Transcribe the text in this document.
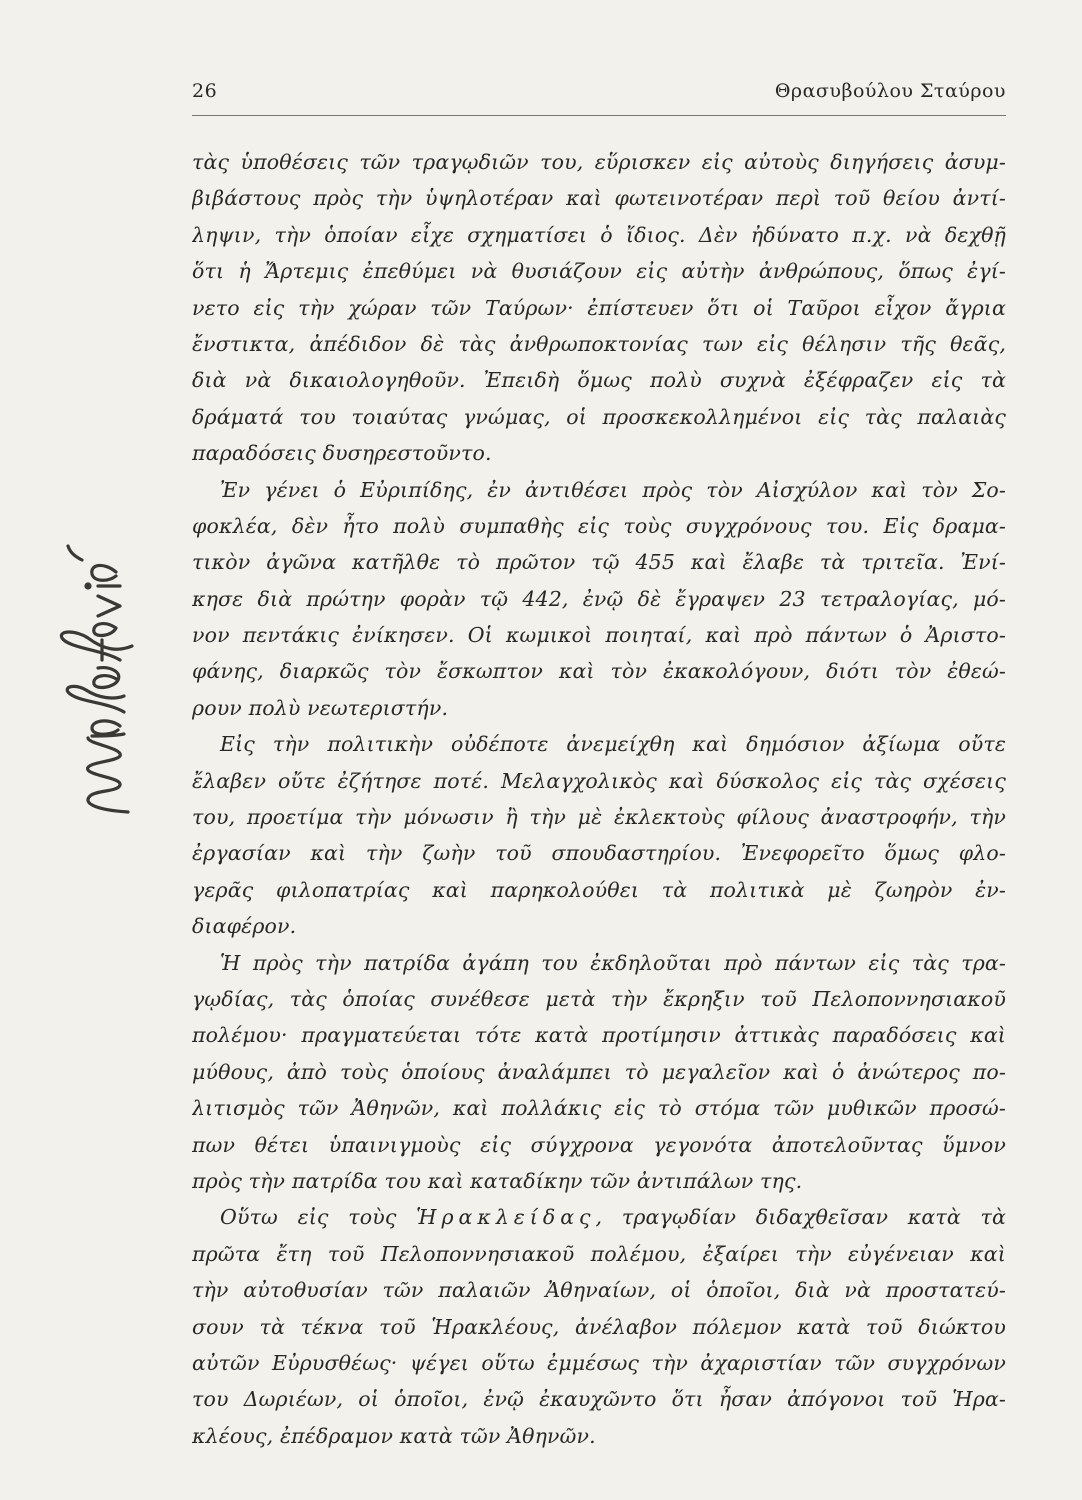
26	Θρασυβούλου Σταύρου
τὰς ὑποθέσεις τῶν τραγῳδιῶν του, εὕρισκεν εἰς αὐτοὺς διηγήσεις ἀσυμ-
βιβάστους πρὸς τὴν ὑψηλοτέραν καὶ φωτεινοτέραν περὶ τοῦ θείου ἀντί-
ληψιν, τὴν ὁποίαν εἶχε σχηματίσει ὁ ἴδιος. Δὲν ἠδύνατο π.χ. νὰ δεχθῇ
ὅτι ἡ Ἄρτεμις ἐπεθύμει νὰ θυσιάζουν εἰς αὐτὴν ἀνθρώπους, ὅπως ἐγί-
νετο εἰς τὴν χώραν τῶν Ταύρων· ἐπίστευεν ὅτι οἱ Ταῦροι εἶχον ἄγρια
ἔνστικτα, ἀπέδιδον δὲ τὰς ἀνθρωποκτονίας των εἰς θέλησιν τῆς θεᾶς,
διὰ νὰ δικαιολογηθοῦν. Ἐπειδὴ ὅμως πολὺ συχνὰ ἐξέφραζεν εἰς τὰ
δράματά του τοιαύτας γνώμας, οἱ προσκεκολλημένοι εἰς τὰς παλαιὰς
παραδόσεις δυσηρεστοῦντο.
Ἐν γένει ὁ Εὐριπίδης, ἐν ἀντιθέσει πρὸς τὸν Αἰσχύλον καὶ τὸν Σο-
φοκλέα, δὲν ἦτο πολὺ συμπαθὴς εἰς τοὺς συγχρόνους του. Εἰς δραμα-
τικὸν ἀγῶνα κατῆλθε τὸ πρῶτον τῷ 455 καὶ ἔλαβε τὰ τριτεῖα. Ἐνί-
κησε διὰ πρώτην φορὰν τῷ 442, ἐνῷ δὲ ἔγραψεν 23 τετραλογίας, μό-
νον πεντάκις ἐνίκησεν. Οἱ κωμικοὶ ποιηταί, καὶ πρὸ πάντων ὁ Ἀριστο-
φάνης, διαρκῶς τὸν ἔσκωπτον καὶ τὸν ἐκακολόγουν, διότι τὸν ἐθεώ-
ρουν πολὺ νεωτεριστήν.
Εἰς τὴν πολιτικὴν οὐδέποτε ἀνεμείχθη καὶ δημόσιον ἀξίωμα οὔτε
ἔλαβεν οὔτε ἐζήτησε ποτέ. Μελαγχολικὸς καὶ δύσκολος εἰς τὰς σχέσεις
του, προετίμα τὴν μόνωσιν ἢ τὴν μὲ ἐκλεκτοὺς φίλους ἀναστροφήν, τὴν
ἐργασίαν καὶ τὴν ζωὴν τοῦ σπουδαστηρίου. Ἐνεφορεῖτο ὅμως φλο-
γερᾶς φιλοπατρίας καὶ παρηκολούθει τὰ πολιτικὰ μὲ ζωηρὸν ἐν-
διαφέρον.
Ἡ πρὸς τὴν πατρίδα ἀγάπη του ἐκδηλοῦται πρὸ πάντων εἰς τὰς τρα-
γῳδίας, τὰς ὁποίας συνέθεσε μετὰ τὴν ἔκρηξιν τοῦ Πελοποννησιακοῦ
πολέμου· πραγματεύεται τότε κατὰ προτίμησιν ἀττικὰς παραδόσεις καὶ
μύθους, ἀπὸ τοὺς ὁποίους ἀναλάμπει τὸ μεγαλεῖον καὶ ὁ ἀνώτερος πο-
λιτισμὸς τῶν Ἀθηνῶν, καὶ πολλάκις εἰς τὸ στόμα τῶν μυθικῶν προσώ-
πων θέτει ὑπαινιγμοὺς εἰς σύγχρονα γεγονότα ἀποτελοῦντας ὕμνον
πρὸς τὴν πατρίδα του καὶ καταδίκην τῶν ἀντιπάλων της.
Οὕτω εἰς τοὺς Ἡρακλείδας, τραγῳδίαν διδαχθεῖσαν κατὰ τὰ
πρῶτα ἔτη τοῦ Πελοποννησιακοῦ πολέμου, ἐξαίρει τὴν εὐγένειαν καὶ
τὴν αὐτοθυσίαν τῶν παλαιῶν Ἀθηναίων, οἱ ὁποῖοι, διὰ νὰ προστατεύ-
σουν τὰ τέκνα τοῦ Ἡρακλέους, ἀνέλαβον πόλεμον κατὰ τοῦ διώκτου
αὐτῶν Εὐρυσθέως· ψέγει οὕτω ἐμμέσως τὴν ἀχαριστίαν τῶν συγχρόνων
του Δωριέων, οἱ ὁποῖοι, ἐνῷ ἐκαυχῶντο ὅτι ἦσαν ἀπόγονοι τοῦ Ἡρα-
κλέους, ἐπέδραμον κατὰ τῶν Ἀθηνῶν.
